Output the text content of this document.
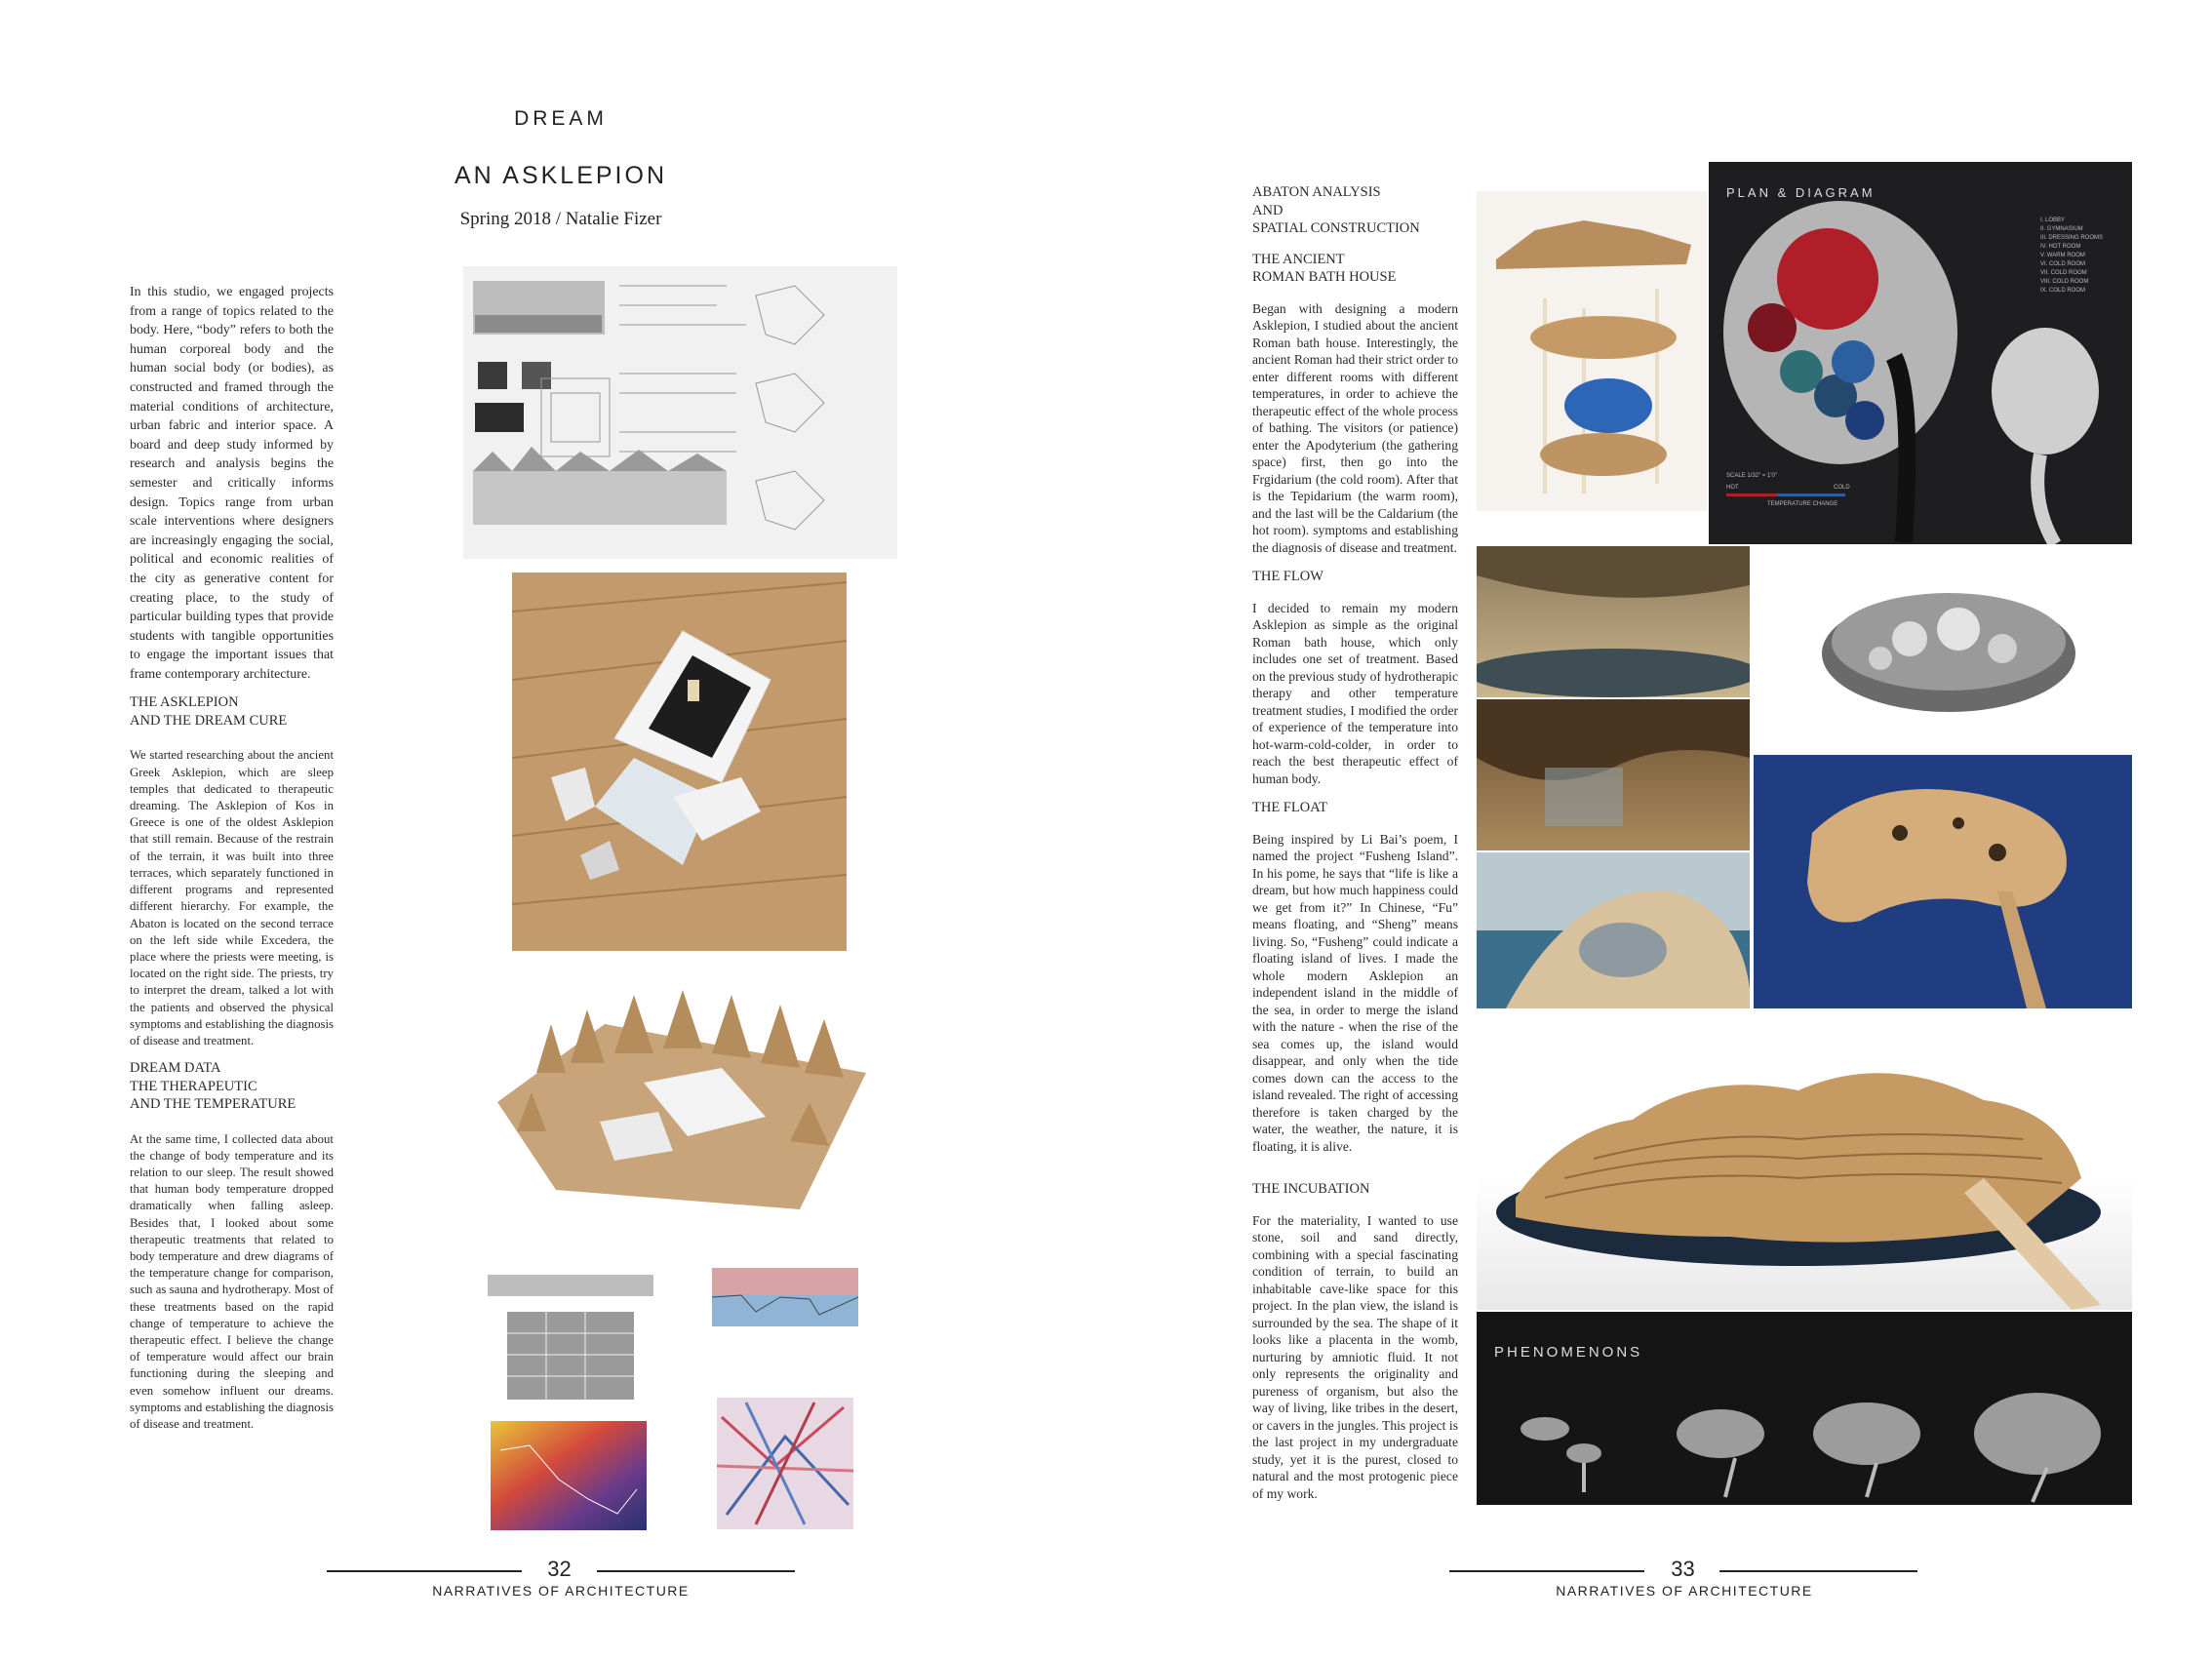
DREAM
AN ASKLEPION
Spring 2018 / Natalie Fizer

In this studio, we engaged projects from a range of topics related to the body. Here, “body” refers to both the human corporeal body and the human social body (or bodies), as constructed and framed through the material conditions of architecture, urban fabric and interior space. A board and deep study informed by research and analysis begins the semester and critically informs design. Topics range from urban scale interventions where designers are increasingly engaging the social, political and economic realities of the city as generative content for creating place, to the study of particular building types that provide students with tangible opportunities to engage the important issues that frame contemporary architecture.

THE ASKLEPION
AND THE DREAM CURE

We started researching about the ancient Greek Asklepion, which are sleep temples that dedicated to therapeutic dreaming. The Asklepion of Kos in Greece is one of the oldest Asklepion that still remain. Because of the restrain of the terrain, it was built into three terraces, which separately functioned in different programs and represented different hierarchy. For example, the Abaton is located on the second terrace on the left side while Excedera, the place where the priests were meeting, is located on the right side. The priests, try to interpret the dream, talked a lot with the patients and observed the physical symptoms and establishing the diagnosis of disease and treatment.

DREAM DATA
THE THERAPEUTIC
AND THE TEMPERATURE

At the same time, I collected data about the change of body temperature and its relation to our sleep. The result showed that human body temperature dropped dramatically when falling asleep. Besides that, I looked about some therapeutic treatments that related to body temperature and drew diagrams of the temperature change for comparison, such as sauna and hydrotherapy. Most of these treatments based on the rapid change of temperature to achieve the therapeutic effect. I believe the change of temperature would affect our brain functioning during the sleeping and even somehow influent our dreams. symptoms and establishing the diagnosis of disease and treatment.

32
NARRATIVES OF ARCHITECTURE

ABATON ANALYSIS
AND
SPATIAL CONSTRUCTION

THE ANCIENT
ROMAN BATH HOUSE

Began with designing a modern Asklepion, I studied about the ancient Roman bath house. Interestingly, the ancient Roman had their strict order to enter different rooms with different temperatures, in order to achieve the therapeutic effect of the whole process of bathing. The visitors (or patience) enter the Apodyterium (the gathering space) first, then go into the Frgidarium (the cold room). After that is the Tepidarium (the warm room), and the last will be the Caldarium (the hot room). symptoms and establishing the diagnosis of disease and treatment.

THE FLOW

I decided to remain my modern Asklepion as simple as the original Roman bath house, which only includes one set of treatment. Based on the previous study of hydrotherapic therapy and other temperature treatment studies, I modified the order of experience of the temperature into hot-warm-cold-colder, in order to reach the best therapeutic effect of human body.

THE FLOAT

Being inspired by Li Bai’s poem, I named the project “Fusheng Island”. In his pome, he says that “life is like a dream, but how much happiness could we get from it?” In Chinese, “Fu” means floating, and “Sheng” means living. So, “Fusheng” could indicate a floating island of lives. I made the whole modern Asklepion an independent island in the middle of the sea, in order to merge the island with the nature - when the rise of the sea comes up, the island would disappear, and only when the tide comes down can the access to the island revealed. The right of accessing therefore is taken charged by the water, the weather, the nature, it is floating, it is alive.

THE INCUBATION

For the materiality, I wanted to use stone, soil and sand directly, combining with a special fascinating condition of terrain, to build an inhabitable cave-like space for this project. In the plan view, the island is surrounded by the sea. The shape of it looks like a placenta in the womb, nurturing by amniotic fluid. It not only represents the originality and pureness of organism, but also the way of living, like tribes in the desert, or cavers in the jungles. This project is the last project in my undergraduate study, yet it is the purest, closed to natural and the most protogenic piece of my work.

PLAN & DIAGRAM
I. LOBBY
II. GYMNASIUM
III. DRESSING ROOMS
IV. HOT ROOM
V. WARM ROOM
VI. COLD ROOM
VII. COLD ROOM
VIII. COLD ROOM
IX. COLD ROOM
SCALE 1/32" = 1'0"
HOT	COLD
TEMPERATURE CHANGE
PHENOMENONS
33
NARRATIVES OF ARCHITECTURE
